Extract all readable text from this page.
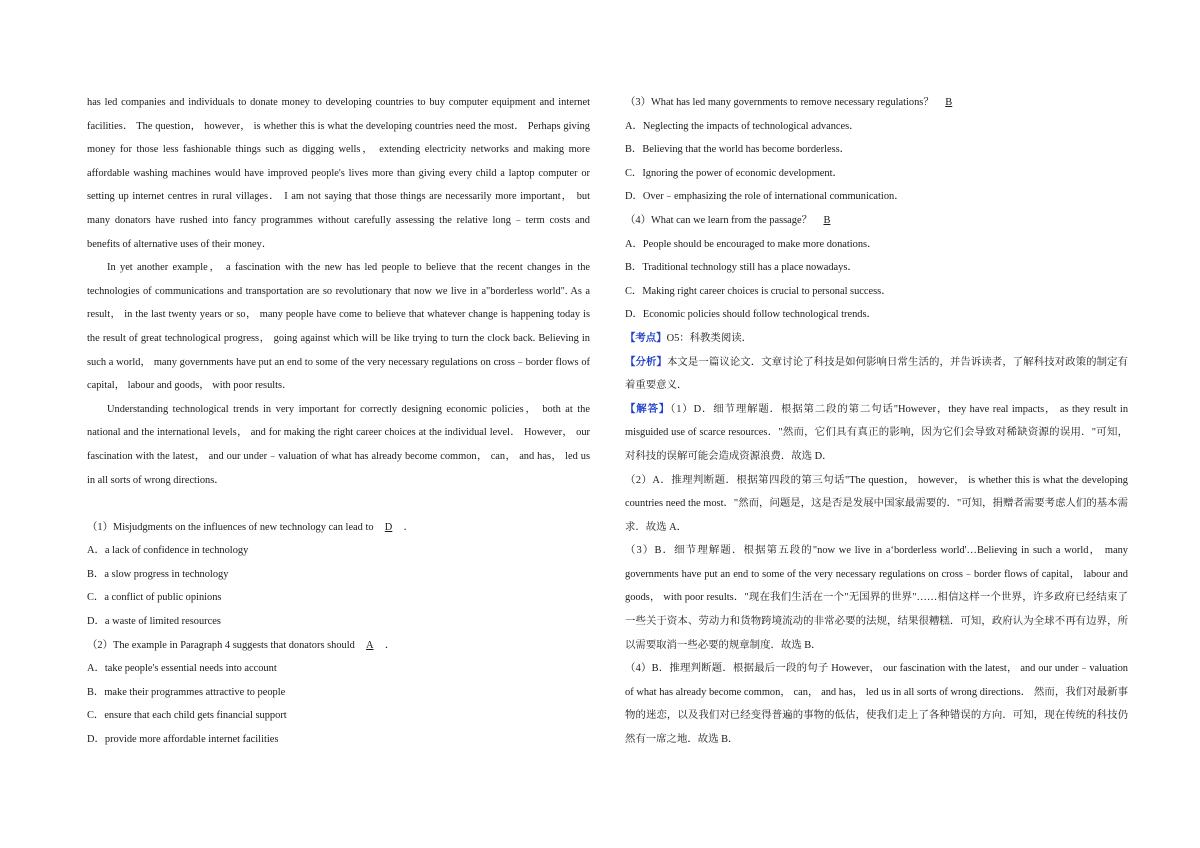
has led companies and individuals to donate money to developing countries to buy computer equipment and internet facilities． The question， however， is whether this is what the developing countries need the most． Perhaps giving money for those less fashionable things such as digging wells， extending electricity networks and making more affordable washing machines would have improved people's lives more than giving every child a laptop computer or setting up internet centres in rural villages． I am not saying that those things are necessarily more important， but many donators have rushed into fancy programmes without carefully assessing the relative long﹣term costs and benefits of alternative uses of their money．

In yet another example， a fascination with the new has led people to believe that the recent changes in the technologies of communications and transportation are so revolutionary that now we live in a"borderless world". As a result， in the last twenty years or so， many people have come to believe that whatever change is happening today is the result of great technological progress， going against which will be like trying to turn the clock back. Believing in such a world， many governments have put an end to some of the very necessary regulations on cross﹣border flows of capital， labour and goods， with poor results．

Understanding technological trends in very important for correctly designing economic policies， both at the national and the international levels， and for making the right career choices at the individual level． However， our fascination with the latest， and our under﹣valuation of what has already become common， can， and has， led us in all sorts of wrong directions．

（1）Misjudgments on the influences of new technology can lead to D ．

A．a lack of confidence in technology

B．a slow progress in technology

C．a conflict of public opinions

D．a waste of limited resources

（2）The example in Paragraph 4 suggests that donators should A ．

A．take people's essential needs into account

B．make their programmes attractive to people

C．ensure that each child gets financial support

D．provide more affordable internet facilities

（3）What has led many governments to remove necessary regulations？ B

A．Neglecting the impacts of technological advances．

B．Believing that the world has become borderless．

C．Ignoring the power of economic development．

D．Over﹣emphasizing the role of international communication．

（4）What can we learn from the passage？ B

A．People should be encouraged to make more donations．

B．Traditional technology still has a place nowadays．

C．Making right career choices is crucial to personal success．

D．Economic policies should follow technological trends．

【考点】O5：科教类阅读．

【分析】本文是一篇议论文．文章讨论了科技是如何影响日常生活的，并告诉读者，了解科技对政策的制定有着重要意义．

【解答】（1）D．细节理解题．根据第二段的第二句话"However，they have real impacts， as they result in misguided use of scarce resources．"然而，它们具有真正的影响，因为它们会导致对稀缺资源的误用．"可知，对科技的误解可能会造成资源浪费．故选 D．

（2）A．推理判断题．根据第四段的第三句话"The question， however， is whether this is what the developing countries need the most．"然而，问题是，这是否是发展中国家最需要的．"可知，捐赠者需要考虑人们的基本需求．故选 A．

（3）B．细节理解题．根据第五段的"now we live in a‘borderless world'…Believing in such a world， many governments have put an end to some of the very necessary regulations on cross﹣border flows of capital， labour and goods， with poor results．"现在我们生活在一个"无国界的世界"……相信这样一个世界，许多政府已经结束了一些关于资本、劳动力和货物跨境流动的非常必要的法规，结果很糟糕．可知，政府认为全球不再有边界，所以需要取消一些必要的规章制度．故选 B．

（4）B．推理判断题．根据最后一段的句子 However， our fascination with the latest， and our under﹣valuation of what has already become common， can， and has， led us in all sorts of wrong directions． 然而，我们对最新事物的迷恋，以及我们对已经变得普遍的事物的低估，使我们走上了各种错误的方向．可知，现在传统的科技仍然有一席之地．故选 B．
